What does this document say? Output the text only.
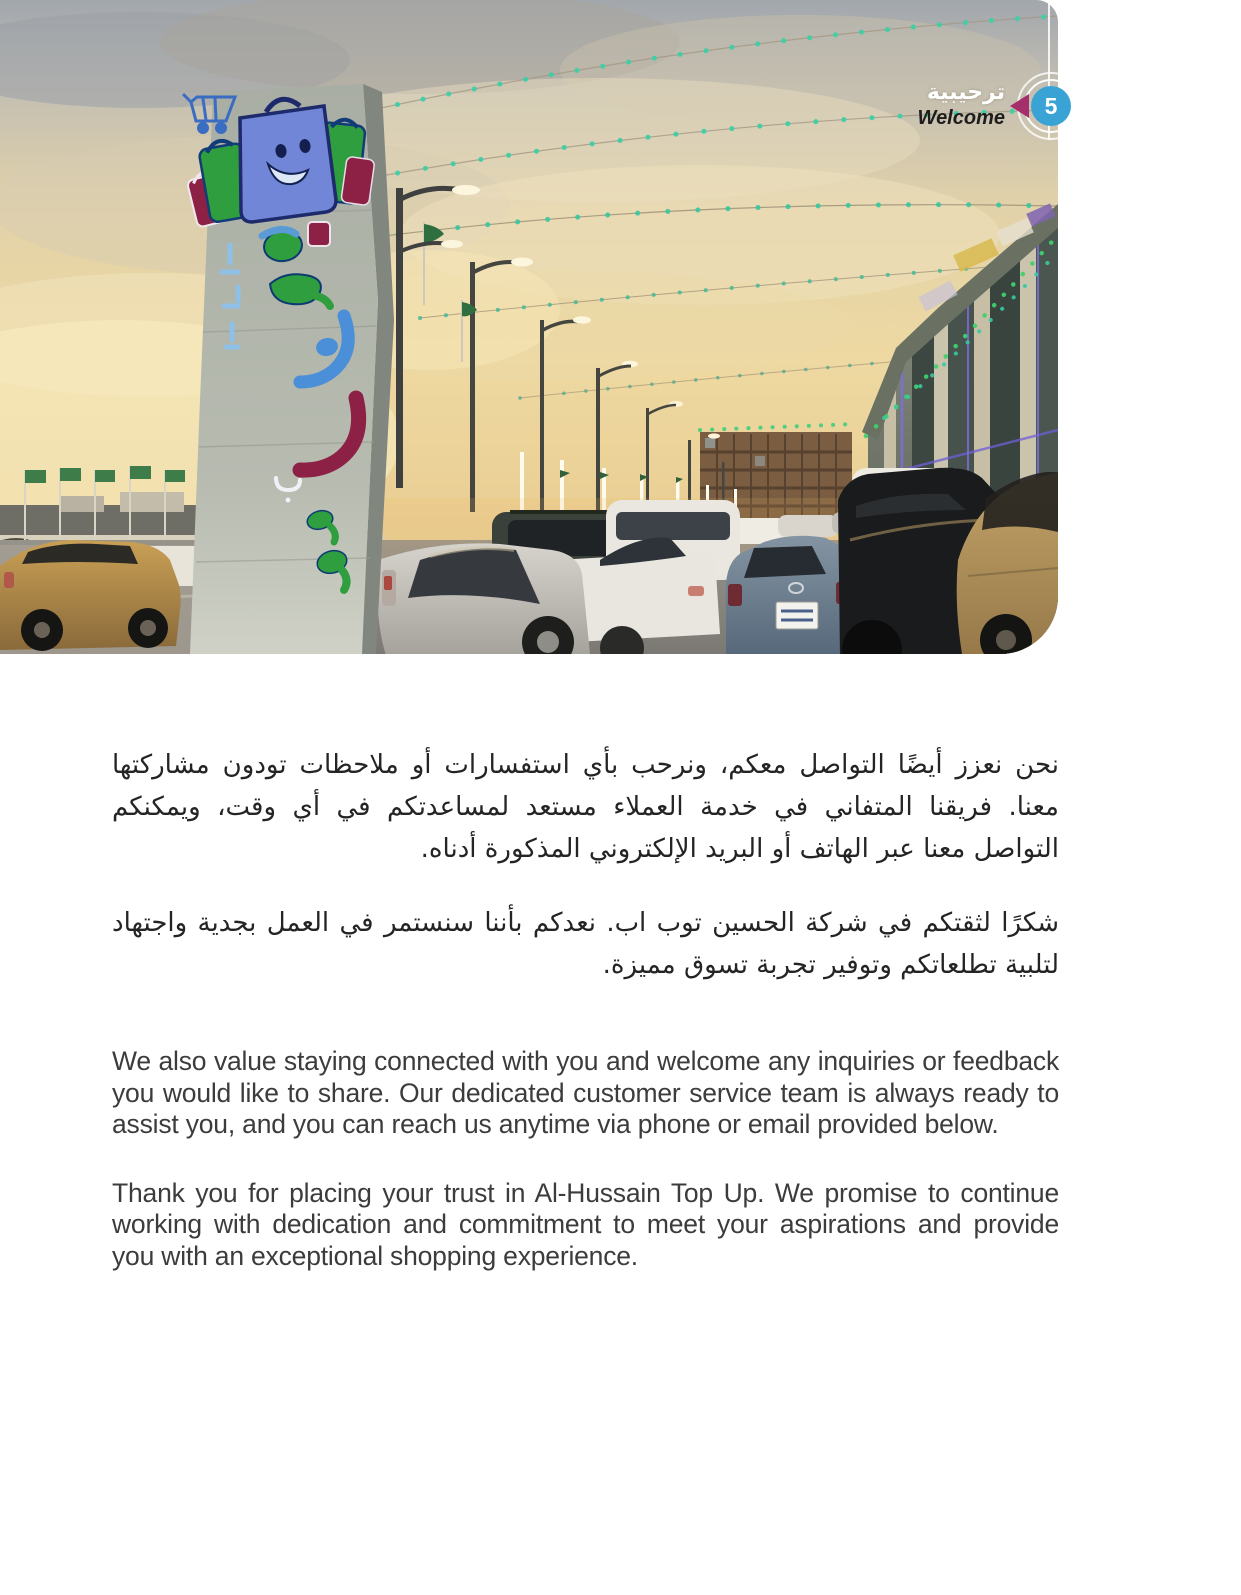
5
ترحيبية
Welcome

نحن نعزز أيضًا التواصل معكم، ونرحب بأي استفسارات أو ملاحظات تودون مشاركتها معنا. فريقنا المتفاني في خدمة العملاء مستعد لمساعدتكم في أي وقت، ويمكنكم التواصل معنا عبر الهاتف أو البريد الإلكتروني المذكورة أدناه.

شكرًا لثقتكم في شركة الحسين توب اب. نعدكم بأننا سنستمر في العمل بجدية واجتهاد لتلبية تطلعاتكم وتوفير تجربة تسوق مميزة.

We also value staying connected with you and welcome any inquiries or feedback you would like to share. Our dedicated customer service team is always ready to assist you, and you can reach us anytime via phone or email provided below.

Thank you for placing your trust in Al-Hussain Top Up. We promise to continue working with dedication and commitment to meet your aspirations and provide you with an exceptional shopping experience.
